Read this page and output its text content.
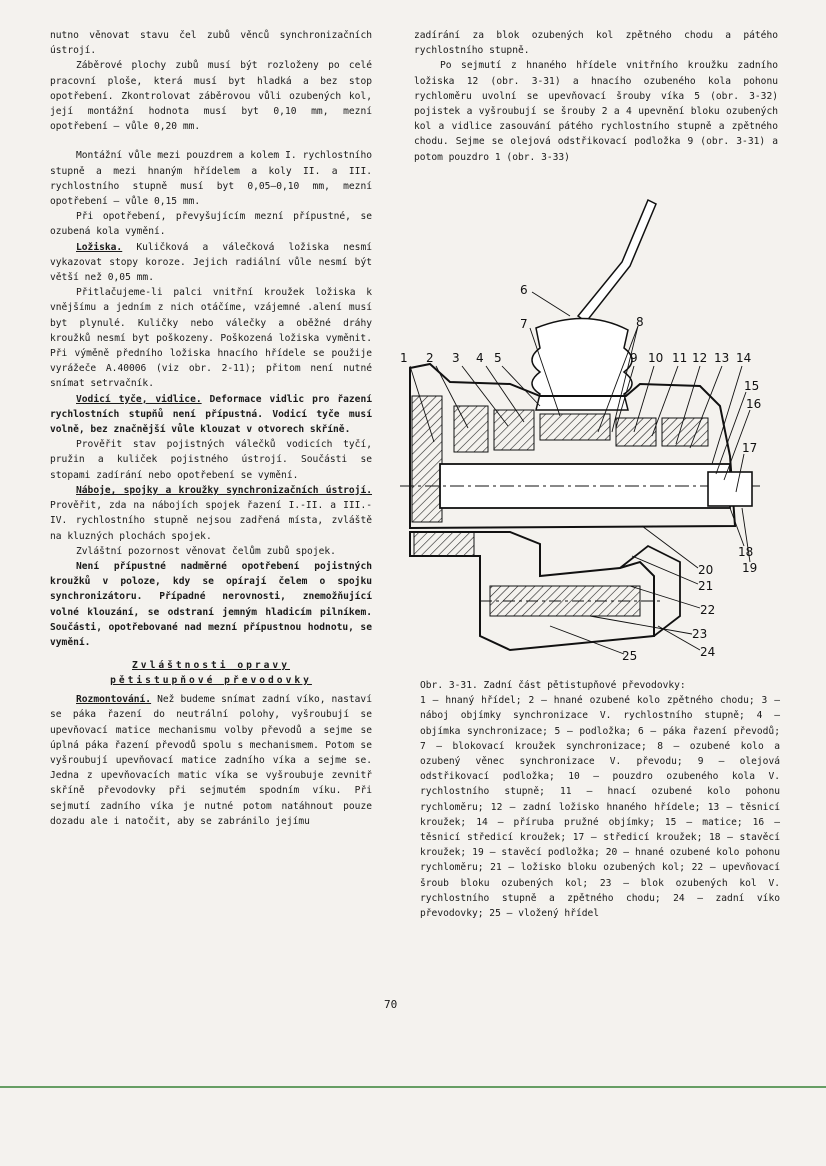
nutno věnovat stavu čel zubů věnců synchronizačních ústrojí.

Záběrové plochy zubů musí být rozloženy po celé pracovní ploše, která musí byt hladká a bez stop opotřebení. Zkontrolovat záběrovou vůli ozubených kol, její montážní hodnota musí byt 0,10 mm, mezní opotřebení – vůle 0,20 mm.

Montážní vůle mezi pouzdrem a kolem I. rychlostního stupně a mezi hnaným hřídelem a koly II. a III. rychlostního stupně musí byt 0,05–0,10 mm, mezní opotřebení – vůle 0,15 mm.

Při opotřebení, převyšujícím mezní přípustné, se ozubená kola vymění.

Ložiska. Kuličková a válečková ložiska nesmí vykazovat stopy koroze. Jejich radiální vůle nesmí být větší než 0,05 mm.

Přitlačujeme-li palci vnitřní kroužek ložiska k vnějšímu a jedním z nich otáčíme, vzájemné .alení musí byt plynulé. Kuličky nebo válečky a oběžné dráhy kroužků nesmí byt poškozeny. Poškozená ložiska vyměnit. Při výměně předního ložiska hnacího hřídele se použije vyrážeče A.40006 (viz obr. 2-11); přitom není nutné snímat setrvačník.

Vodicí tyče, vidlice. Deformace vidlic pro řazení rychlostních stupňů není přípustná. Vodicí tyče musí volně, bez značnější vůle klouzat v otvorech skříně.

Prověřit stav pojistných válečků vodicích tyčí, pružin a kuliček pojistného ústrojí. Součásti se stopami zadírání nebo opotřebení se vymění.

Náboje, spojky a kroužky synchronizačních ústrojí. Prověřit, zda na nábojích spojek řazení I.-II. a III.-IV. rychlostního stupně nejsou zadřená místa, zvláště na kluzných plochách spojek.

Zvláštní pozornost věnovat čelům zubů spojek.

Není přípustné nadměrné opotřebení pojistných kroužků v poloze, kdy se opírají čelem o spojku synchronizátoru. Případné nerovnosti, znemožňující volné klouzání, se odstraní jemným hladicím pilníkem. Součásti, opotřebované nad mezní přípustnou hodnotu, se vymění.

Zvláštnosti opravy
pětistupňové převodovky

Rozmontování. Než budeme snímat zadní víko, nastaví se páka řazení do neutrální polohy, vyšroubují se upevňovací matice mechanismu volby převodů a sejme se úplná páka řazení převodů spolu s mechanismem. Potom se vyšroubují upevňovací matice zadního víka a sejme se. Jedna z upevňovacích matic víka se vyšroubuje zevnitř skříně převodovky při sejmutém spodním víku. Při sejmutí zadního víka je nutné potom natáhnout pouze dozadu ale i natočit, aby se zabránilo jejímu

zadírání za blok ozubených kol zpětného chodu a pátého rychlostního stupně.

Po sejmutí z hnaného hřídele vnitřního kroužku zadního ložiska 12 (obr. 3-31) a hnacího ozubeného kola pohonu rychloměru uvolní se upevňovací šrouby víka 5 (obr. 3-32) pojistek a vyšroubují se šrouby 2 a 4 upevnění bloku ozubených kol a vidlice zasouvání pátého rychlostního stupně a zpětného chodu. Sejme se olejová odstřikovací podložka 9 (obr. 3-31) a potom pouzdro 1 (obr. 3-33)

1 2 3 4 5
6
7	8
9 10 11 12 13 14
15
16
17
18
19
20
21
22
23
24
25

Obr. 3-31. Zadní část pětistupňové převodovky:

1 – hnaný hřídel; 2 – hnané ozubené kolo zpětného chodu; 3 – náboj objímky synchronizace V. rychlostního stupně; 4 – objímka synchronizace; 5 – podložka; 6 – páka řazení převodů; 7 – blokovací kroužek synchronizace; 8 – ozubené kolo a ozubený věnec synchronizace V. převodu; 9 – olejová odstřikovací podložka; 10 – pouzdro ozubeného kola V. rychlostního stupně; 11 – hnací ozubené kolo pohonu rychloměru; 12 – zadní ložisko hnaného hřídele; 13 – těsnicí kroužek; 14 – příruba pružné objímky; 15 – matice; 16 – těsnicí středicí kroužek; 17 – středicí kroužek; 18 – stavěcí kroužek; 19 – stavěcí podložka; 20 – hnané ozubené kolo pohonu rychloměru; 21 – ložisko bloku ozubených kol; 22 – upevňovací šroub bloku ozubených kol; 23 – blok ozubených kol V. rychlostního stupně a zpětného chodu; 24 – zadní víko převodovky; 25 – vložený hřídel

70
